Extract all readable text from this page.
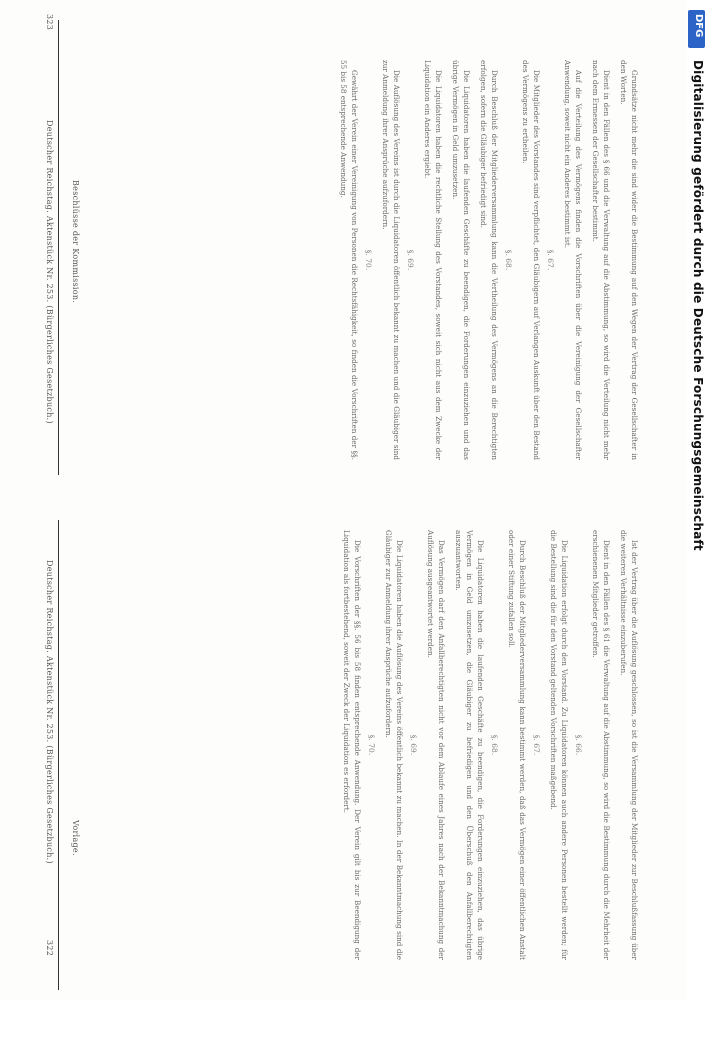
323
Deutscher Reichstag. Aktenstück Nr. 253. (Bürgerliches Gesetzbuch.) Beschlüsse der Kommission.	Grundsätze nicht mehr die sind wider die Bestimmung auf den Wegen der Vertrag der Gesellschafter in den Worten.

Dient in den Fällen des § 66 und die Verwaltung auf die Abstimmung, so wird die Verteilung nicht mehr nach dem Ermessen der Gesellschafter bestimmt.

Auf die Verteilung des Vermögens finden die Vorschriften über die Vereinigung der Gesellschafter Anwendung, soweit nicht ein Anderes bestimmt ist.

§. 67.

Die Mitglieder des Vorstandes sind verpflichtet, den Gläubigern auf Verlangen Auskunft über den Bestand des Vermögens zu ertheilen.

§. 68.

Durch Beschluß der Mitgliederversammlung kann die Vertheilung des Vermögens an die Berechtigten erfolgen, sofern die Gläubiger befriedigt sind.

Die Liquidatoren haben die laufenden Geschäfte zu beendigen, die Forderungen einzuziehen und das übrige Vermögen in Geld umzusetzen.

Die Liquidatoren haben die rechtliche Stellung des Vorstandes, soweit sich nicht aus dem Zwecke der Liquidation ein Anderes ergiebt.

§. 69.

Die Auflösung des Vereins ist durch die Liquidatoren öffentlich bekannt zu machen und die Gläubiger sind zur Anmeldung ihrer Ansprüche aufzufordern.

§. 70.

Gewährt der Verein einer Vereinigung von Personen die Rechtsfähigkeit, so finden die Vorschriften der §§. 55 bis 58 entsprechende Anwendung.

322
Deutscher Reichstag. Aktenstück Nr. 253. (Bürgerliches Gesetzbuch.) Vorlage.	Ist der Vertrag über die Auflösung geschlossen, so ist die Versammlung der Mitglieder zur Beschlußfassung über die weiteren Verhältnisse einzuberufen.

Dient in den Fällen des § 61 die Verwaltung auf die Abstimmung, so wird die Bestimmung durch die Mehrheit der erschienenen Mitglieder getroffen.

§. 66.

Die Liquidation erfolgt durch den Vorstand. Zu Liquidatoren können auch andere Personen bestellt werden; für die Bestellung sind die für den Vorstand geltenden Vorschriften maßgebend.

§. 67.

Durch Beschluß der Mitgliederversammlung kann bestimmt werden, daß das Vermögen einer öffentlichen Anstalt oder einer Stiftung zufallen soll.

§. 68.

Die Liquidatoren haben die laufenden Geschäfte zu beendigen, die Forderungen einzuziehen, das übrige Vermögen in Geld umzusetzen, die Gläubiger zu befriedigen und den Überschuß den Anfallberechtigten auszuantworten.

Das Vermögen darf den Anfallberechtigten nicht vor dem Ablaufe eines Jahres nach der Bekanntmachung der Auflösung ausgeantwortet werden.

§. 69.

Die Liquidatoren haben die Auflösung des Vereins öffentlich bekannt zu machen. In der Bekanntmachung sind die Gläubiger zur Anmeldung ihrer Ansprüche aufzufordern.

§. 70.

Die Vorschriften der §§. 56 bis 58 finden entsprechende Anwendung. Der Verein gilt bis zur Beendigung der Liquidation als fortbestehend, soweit der Zweck der Liquidation es erfordert.

DFG
Digitalisierung gefördert durch die Deutsche Forschungsgemeinschaft
